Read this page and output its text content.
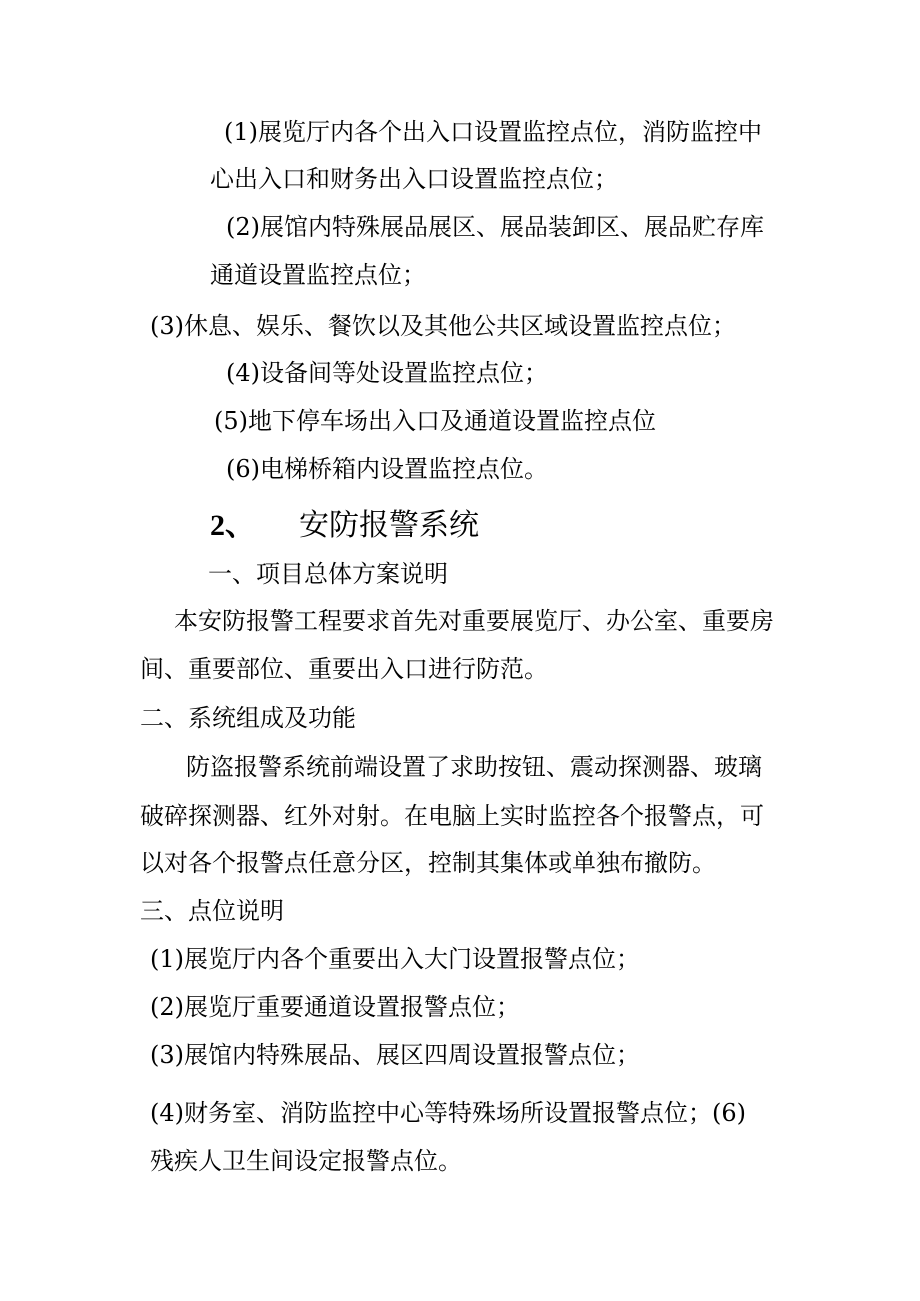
(1)展览厅内各个出入口设置监控点位，消防监控中
心出入口和财务出入口设置监控点位；
(2)展馆内特殊展品展区、展品装卸区、展品贮存库
通道设置监控点位；
(3)休息、娱乐、餐饮以及其他公共区域设置监控点位；
(4)设备间等处设置监控点位；
(5)地下停车场出入口及通道设置监控点位
(6)电梯桥箱内设置监控点位。
2、 安防报警系统
一、项目总体方案说明
本安防报警工程要求首先对重要展览厅、办公室、重要房
间、重要部位、重要出入口进行防范。
二、系统组成及功能
防盗报警系统前端设置了求助按钮、震动探测器、玻璃
破碎探测器、红外对射。在电脑上实时监控各个报警点，可
以对各个报警点任意分区，控制其集体或单独布撤防。
三、点位说明
(1)展览厅内各个重要出入大门设置报警点位；
(2)展览厅重要通道设置报警点位；
(3)展馆内特殊展品、展区四周设置报警点位；
(4)财务室、消防监控中心等特殊场所设置报警点位；(6)
残疾人卫生间设定报警点位。
